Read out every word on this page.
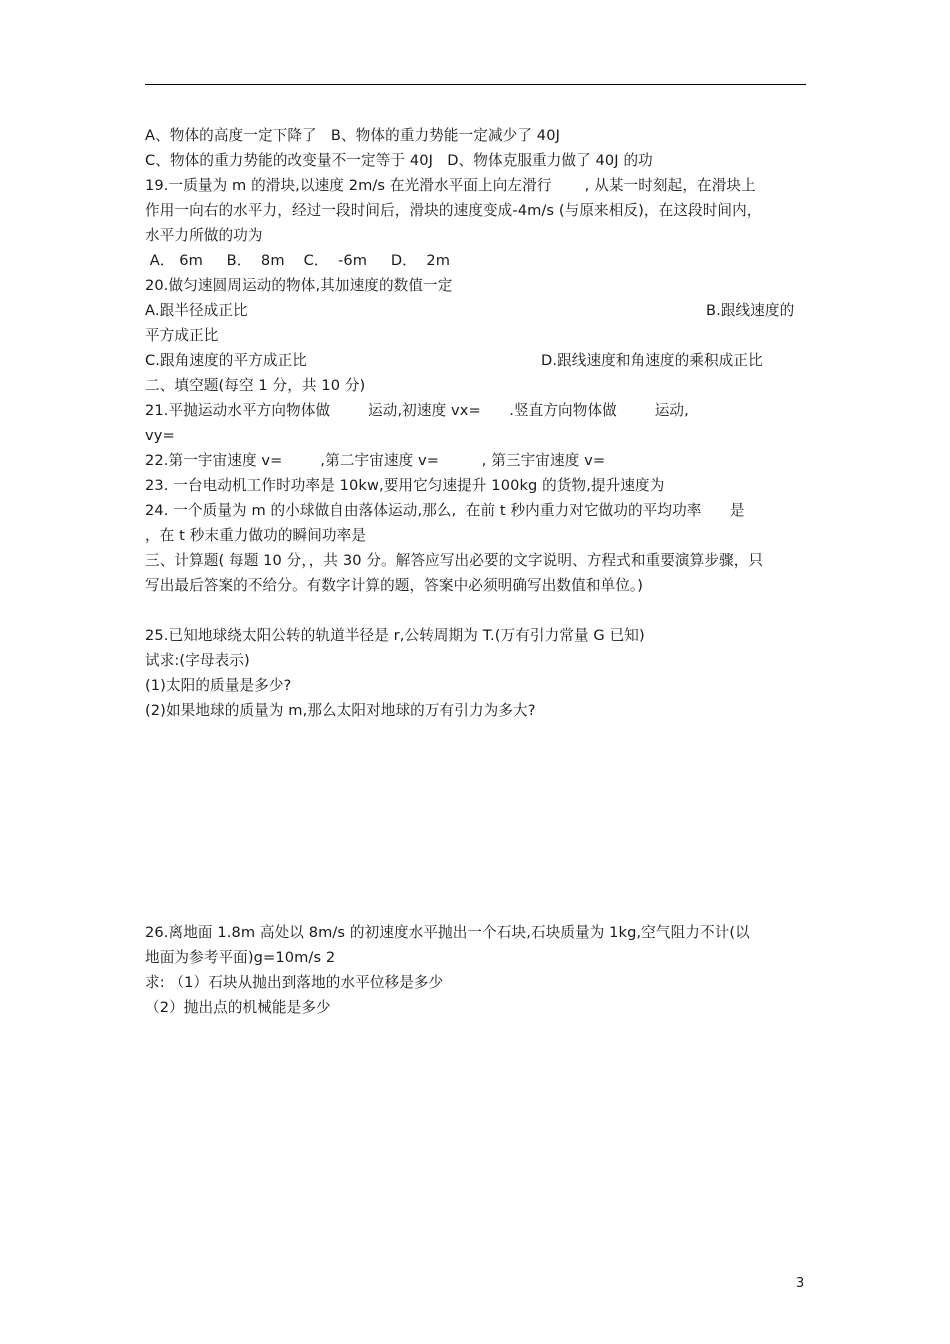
A、物体的高度一定下降了   B、物体的重力势能一定减少了 40J
C、物体的重力势能的改变量不一定等于 40J   D、物体克服重力做了 40J 的功
19.一质量为 m 的滑块,以速度 2m/s 在光滑水平面上向左滑行       , 从某一时刻起，在滑块上
作用一向右的水平力，经过一段时间后，滑块的速度变成-4m/s (与原来相反)，在这段时间内，
水平力所做的功为
A． 6m     B．  8m    C．  -6m     D．  2m
20.做匀速圆周运动的物体,其加速度的数值一定
A.跟半径成正比	B.跟线速度的
平方成正比
C.跟角速度的平方成正比	D.跟线速度和角速度的乘积成正比
二、填空题(每空 1 分，共 10 分)
21.平抛运动水平方向物体做        运动,初速度 vx=      .竖直方向物体做        运动,
vy=
22.第一宇宙速度 v=        ,第二宇宙速度 v=         , 第三宇宙速度 v=
23. 一台电动机工作时功率是 10kw,要用它匀速提升 100kg 的货物,提升速度为
24. 一个质量为 m 的小球做自由落体运动,那么,  在前 t 秒内重力对它做功的平均功率      是
，在 t 秒末重力做功的瞬间功率是
三、计算题( 每题 10 分，，共 30 分。解答应写出必要的文字说明、方程式和重要演算步骤，只
写出最后答案的不给分。有数字计算的题，答案中必须明确写出数值和单位。)
25.已知地球绕太阳公转的轨道半径是 r,公转周期为 T.(万有引力常量 G 已知)
试求:(字母表示)
(1)太阳的质量是多少?
(2)如果地球的质量为 m,那么太阳对地球的万有引力为多大?
26.离地面 1.8m 高处以 8m/s 的初速度水平抛出一个石块,石块质量为 1kg,空气阻力不计(以
地面为参考平面)g=10m/s 2
求: （1）石块从抛出到落地的水平位移是多少
（2）抛出点的机械能是多少
3
